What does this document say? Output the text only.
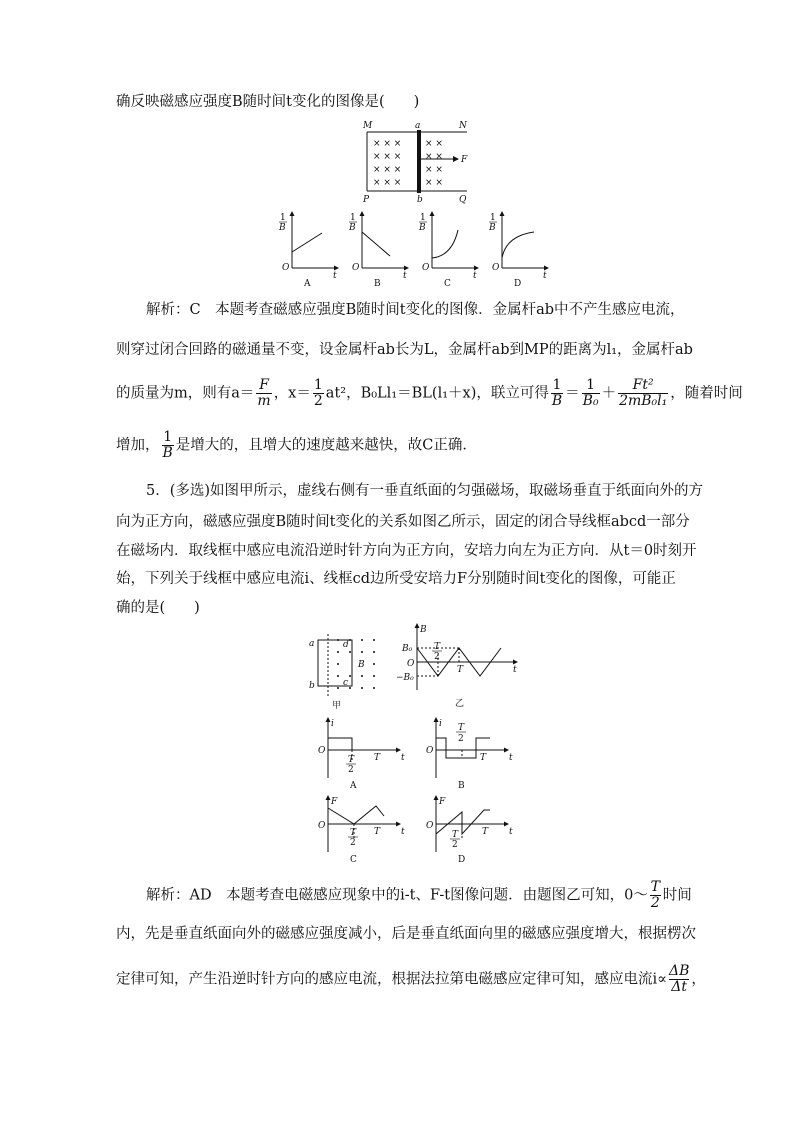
确反映磁感应强度B随时间t变化的图像是(　　)
× × ×
× × ×
× × ×
× × ×
× ×
× ×
× ×
× ×
F
M	a	N
P	b	Q
1
B
O
t
A
1
B
O
t
B
1
B
O
t
C
1
B
O
t
D
解析：C　本题考查磁感应强度B随时间t变化的图像．金属杆ab中不产生感应电流，
则穿过闭合回路的磁通量不变，设金属杆ab长为L，金属杆ab到MP的距离为l₁，金属杆ab
的质量为m，则有$a= \frac{F}{m}$ ，$x= \frac{1}{2} at^2$，B₀Ll₁＝BL(l₁＋x)，联立可得 $\frac{1}{B} = \frac{1}{\text{B₀}} + \frac{\text{Ft²}}{\text{2mB₀l₁}}$ ，随着时间
增加， $\frac{1}{B}$ 是增大的，且增大的速度越来越快，故C正确．
5．(多选)如图甲所示，虚线右侧有一垂直纸面的匀强磁场，取磁场垂直于纸面向外的方
向为正方向，磁感应强度B随时间t变化的关系如图乙所示，固定的闭合导线框abcd一部分
在磁场内．取线框中感应电流沿逆时针方向为正方向，安培力向左为正方向．从t＝0时刻开
始，下列关于线框中感应电流i、线框cd边所受安培力F分别随时间t变化的图像，可能正
确的是(　　)
a	d
b	c
B
甲
B
B₀
−B₀
O
t
T
2
T
乙
i
O
t
T
2
T
A
i
O
t
T
2
T
B
F
O
t
T
2
T
C
F
O
t
T
2
T
D
解析：AD　本题考查电磁感应现象中的i-t、F-t图像问题．由题图乙可知，0～ $\frac{T}{2}$ 时间
内，先是垂直纸面向外的磁感应强度减小，后是垂直纸面向里的磁感应强度增大，根据楞次
定律可知，产生沿逆时针方向的感应电流，根据法拉第电磁感应定律可知，感应电流$i\propto \frac{\Delta B}{\Delta t}$ ，
